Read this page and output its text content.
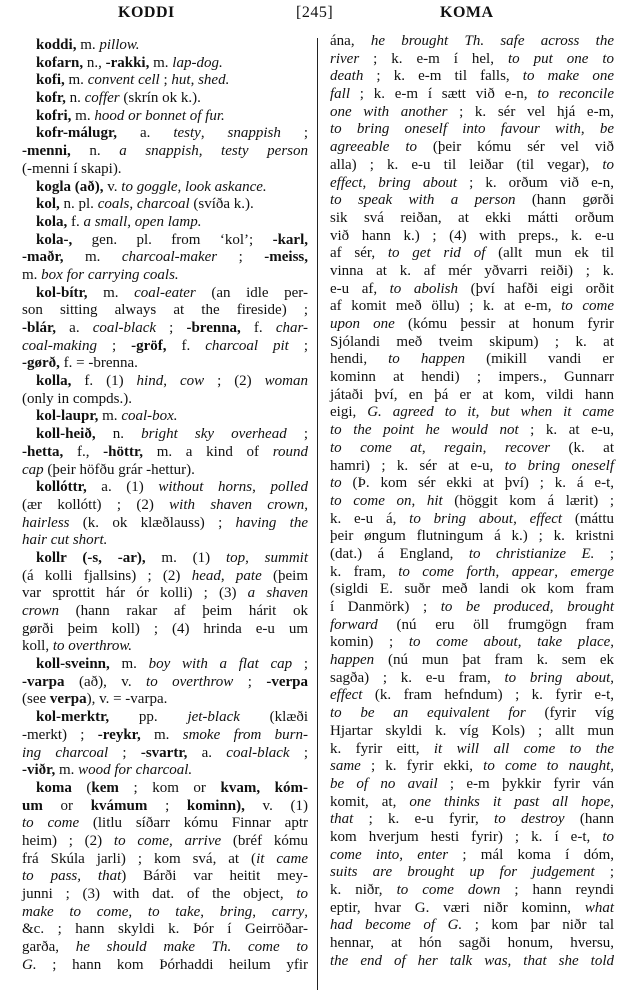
KODDI	[245]	KOMA
koddi, m. pillow.
kofarn, n., -rakki, m. lap-dog.
kofi, m. convent cell ; hut, shed.
kofr, n. coffer (skrín ok k.).
kofri, m. hood or bonnet of fur.
kofr-málugr, a. testy, snappish ;
-menni, n. a snappish, testy person
(-menni í skapi).
kogla (að), v. to goggle, look askance.
kol, n. pl. coals, charcoal (svíða k.).
kola, f. a small, open lamp.
kola-, gen. pl. from ‘kol’; -karl,
-maðr, m. charcoal-maker ; -meiss,
m. box for carrying coals.
kol-bítr, m. coal-eater (an idle per-
son sitting always at the fireside) ;
-blár, a. coal-black ; -brenna, f. char-
coal-making ; -gröf, f. charcoal pit ;
-gørð, f. = -brenna.
kolla, f. (1) hind, cow ; (2) woman
(only in compds.).
kol-laupr, m. coal-box.
koll-heið, n. bright sky overhead ;
-hetta, f., -höttr, m. a kind of round
cap (þeir höfðu grár -hettur).
kollóttr, a. (1) without horns, polled
(ær kollótt) ; (2) with shaven crown,
hairless (k. ok klæðlauss) ; having the
hair cut short.
kollr (-s, -ar), m. (1) top, summit
(á kolli fjallsins) ; (2) head, pate (þeim
var sprottit hár ór kolli) ; (3) a shaven
crown (hann rakar af þeim hárit ok
gørði þeim koll) ; (4) hrinda e-u um
koll, to overthrow.
koll-sveinn, m. boy with a flat cap ;
-varpa (að), v. to overthrow ; -verpa
(see verpa), v. = -varpa.
kol-merktr, pp. jet-black (klæði
-merkt) ; -reykr, m. smoke from burn-
ing charcoal ; -svartr, a. coal-black ;
-viðr, m. wood for charcoal.
koma (kem ; kom or kvam, kóm-
um or kvámum ; kominn), v. (1)
to come (litlu síðarr kómu Finnar aptr
heim) ; (2) to come, arrive (bréf kómu
frá Skúla jarli) ; kom svá, at (it came
to pass, that) Bárði var heitit mey-
junni ; (3) with dat. of the object, to
make to come, to take, bring, carry,
&c. ; hann skyldi k. Þór í Geirröðar-
garða, he should make Th. come to
G. ; hann kom Þórhaddi heilum yfir
ána, he brought Th. safe across the
river ; k. e-m í hel, to put one to
death ; k. e-m til falls, to make one
fall ; k. e-m í sætt við e-n, to reconcile
one with another ; k. sér vel hjá e-m,
to bring oneself into favour with, be
agreeable to (þeir kómu sér vel við
alla) ; k. e-u til leiðar (til vegar), to
effect, bring about ; k. orðum við e-n,
to speak with a person (hann gørði
sik svá reiðan, at ekki mátti orðum
við hann k.) ; (4) with preps., k. e-u
af sér, to get rid of (allt mun ek til
vinna at k. af mér yðvarri reiði) ; k.
e-u af, to abolish (því hafði eigi orðit
af komit með öllu) ; k. at e-m, to come
upon one (kómu þessir at honum fyrir
Sjólandi með tveim skipum) ; k. at
hendi, to happen (mikill vandi er
kominn at hendi) ; impers., Gunnarr
játaði því, en þá er at kom, vildi hann
eigi, G. agreed to it, but when it came
to the point he would not ; k. at e-u,
to come at, regain, recover (k. at
hamri) ; k. sér at e-u, to bring oneself
to (Þ. kom sér ekki at því) ; k. á e-t,
to come on, hit (höggit kom á lærit) ;
k. e-u á, to bring about, effect (máttu
þeir øngum flutningum á k.) ; k. kristni
(dat.) á England, to christianize E. ;
k. fram, to come forth, appear, emerge
(sigldi E. suðr með landi ok kom fram
í Danmörk) ; to be produced, brought
forward (nú eru öll frumgögn fram
komin) ; to come about, take place,
happen (nú mun þat fram k. sem ek
sagða) ; k. e-u fram, to bring about,
effect (k. fram hefndum) ; k. fyrir e-t,
to be an equivalent for (fyrir víg
Hjartar skyldi k. víg Kols) ; allt mun
k. fyrir eitt, it will all come to the
same ; k. fyrir ekki, to come to naught,
be of no avail ; e-m þykkir fyrir ván
komit, at, one thinks it past all hope,
that ; k. e-u fyrir, to destroy (hann
kom hverjum hesti fyrir) ; k. í e-t, to
come into, enter ; mál koma í dóm,
suits are brought up for judgement ;
k. niðr, to come down ; hann reyndi
eptir, hvar G. væri niðr kominn, what
had become of G. ; kom þar niðr tal
hennar, at hón sagði honum, hversu,
the end of her talk was, that she told
